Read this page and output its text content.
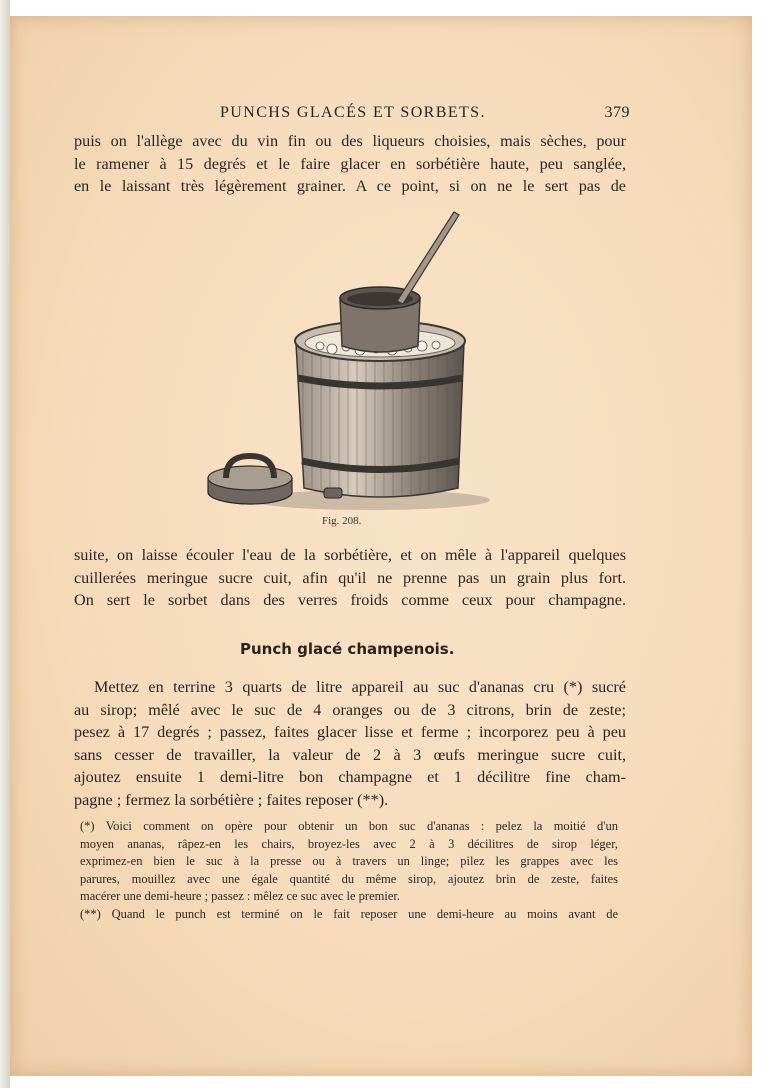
PUNCHS GLACÉS ET SORBETS.	379
puis on l'allège avec du vin fin ou des liqueurs choisies, mais sèches, pour
le ramener à 15 degrés et le faire glacer en sorbétière haute, peu sanglée,
en le laissant très légèrement grainer. A ce point, si on ne le sert pas de
Fig. 208.
suite, on laisse écouler l'eau de la sorbétière, et on mêle à l'appareil quelques
cuillerées meringue sucre cuit, afin qu'il ne prenne pas un grain plus fort.
On sert le sorbet dans des verres froids comme ceux pour champagne.
Punch glacé champenois.
Mettez en terrine 3 quarts de litre appareil au suc d'ananas cru (*) sucré
au sirop; mêlé avec le suc de 4 oranges ou de 3 citrons, brin de zeste;
pesez à 17 degrés ; passez, faites glacer lisse et ferme ; incorporez peu à peu
sans cesser de travailler, la valeur de 2 à 3 œufs meringue sucre cuit,
ajoutez ensuite 1 demi-litre bon champagne et 1 décilitre fine cham-
pagne ; fermez la sorbétière ; faites reposer (**).
(*) Voici comment on opère pour obtenir un bon suc d'ananas : pelez la moitié d'un
moyen ananas, râpez-en les chairs, broyez-les avec 2 à 3 décilitres de sirop léger,
exprimez-en bien le suc à la presse ou à travers un linge; pilez les grappes avec les
parures, mouillez avec une égale quantité du même sirop, ajoutez brin de zeste, faites
macérer une demi-heure ; passez : mêlez ce suc avec le premier.
(**) Quand le punch est terminé on le fait reposer une demi-heure au moins avant de
